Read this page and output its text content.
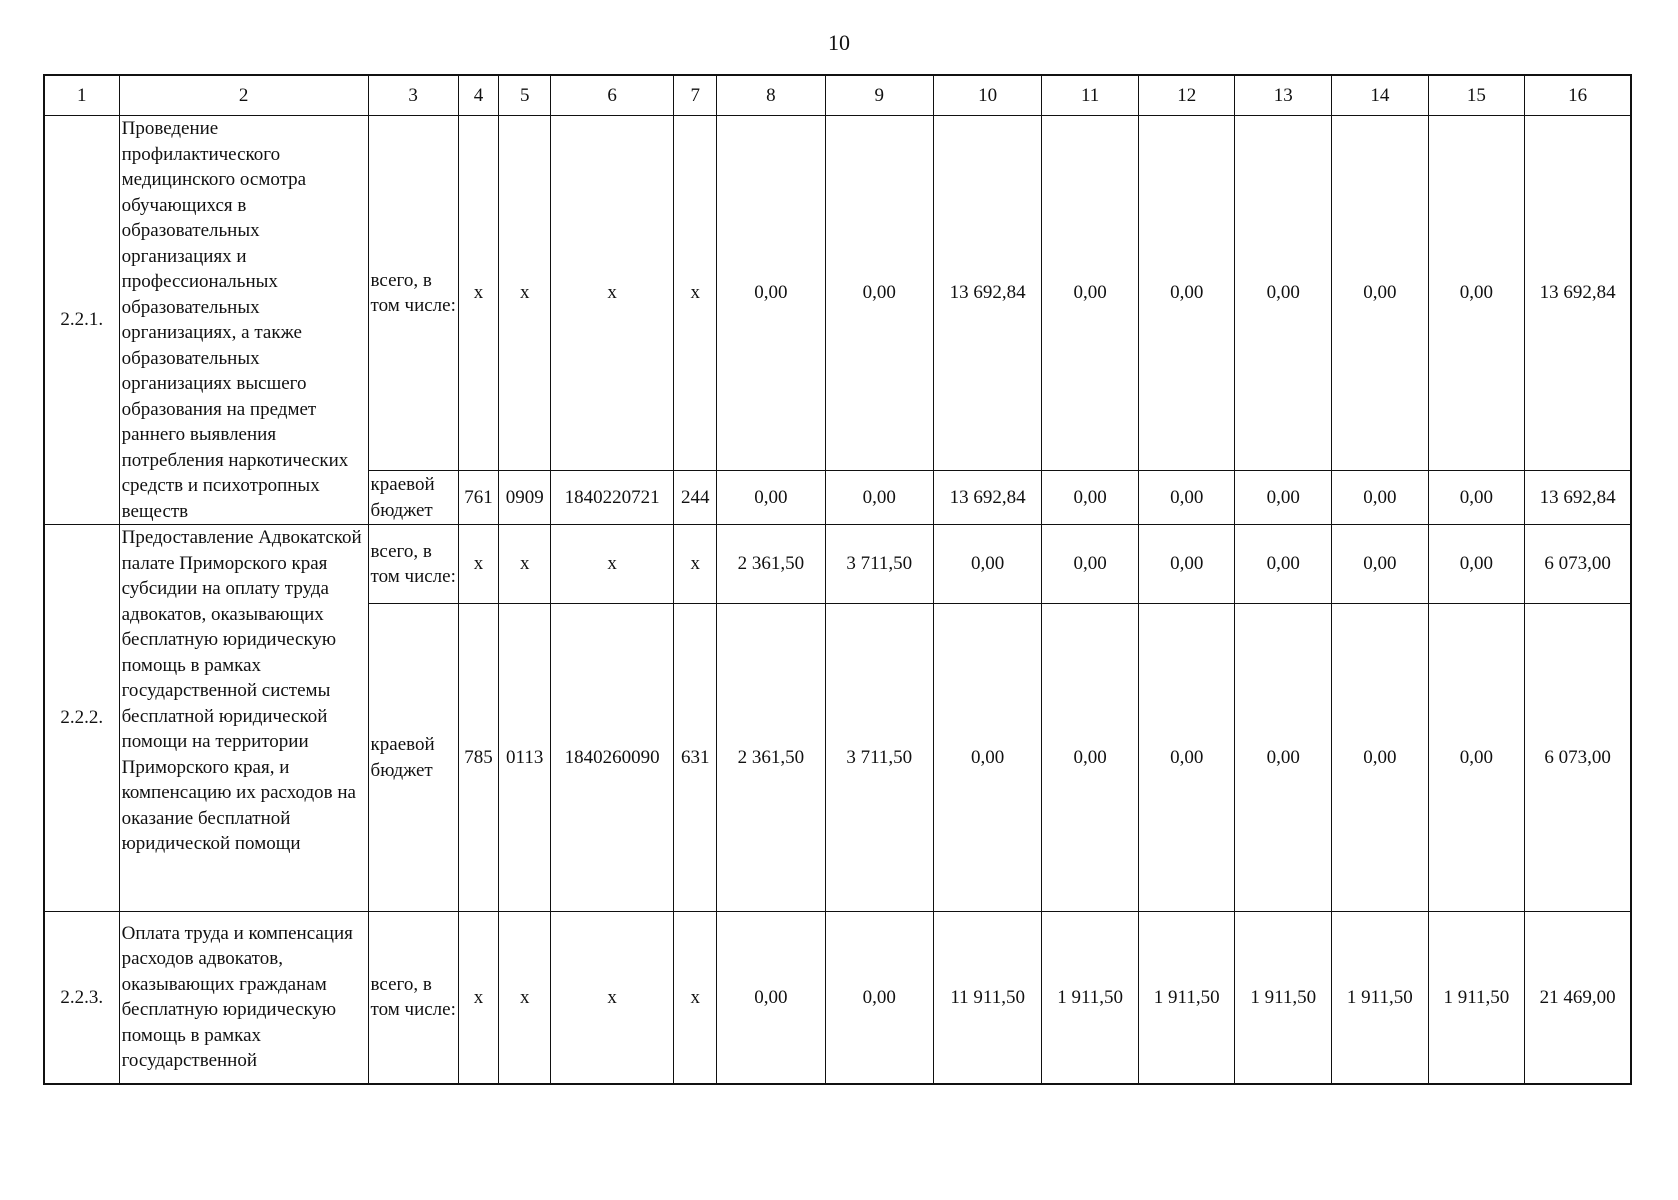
10
1	2	3	4	5	6	7	8	9	10	11	12	13	14	15	16
2.2.1.	Проведение профилактического медицинского осмотра обучающихся в образовательных организациях и профессиональных образовательных организациях, а также образовательных организациях высшего образования на предмет раннего выявления потребления наркотических средств и психотропных веществ	всего, в том числе:	х	х	х	х	0,00	0,00	13 692,84	0,00	0,00	0,00	0,00	0,00	13 692,84
		краевой бюджет	761	0909	1840220721	244	0,00	0,00	13 692,84	0,00	0,00	0,00	0,00	0,00	13 692,84
2.2.2.	Предоставление Адвокатской палате Приморского края субсидии на оплату труда адвокатов, оказывающих бесплатную юридическую помощь в рамках государственной системы бесплатной юридической помощи на территории Приморского края, и компенсацию их расходов на оказание бесплатной юридической помощи	всего, в том числе:	х	х	х	х	2 361,50	3 711,50	0,00	0,00	0,00	0,00	0,00	0,00	6 073,00
		краевой бюджет	785	0113	1840260090	631	2 361,50	3 711,50	0,00	0,00	0,00	0,00	0,00	0,00	6 073,00
2.2.3.	Оплата труда и компенсация расходов адвокатов, оказывающих гражданам бесплатную юридическую помощь в рамках государственной	всего, в том числе:	х	х	х	х	0,00	0,00	11 911,50	1 911,50	1 911,50	1 911,50	1 911,50	1 911,50	21 469,00
